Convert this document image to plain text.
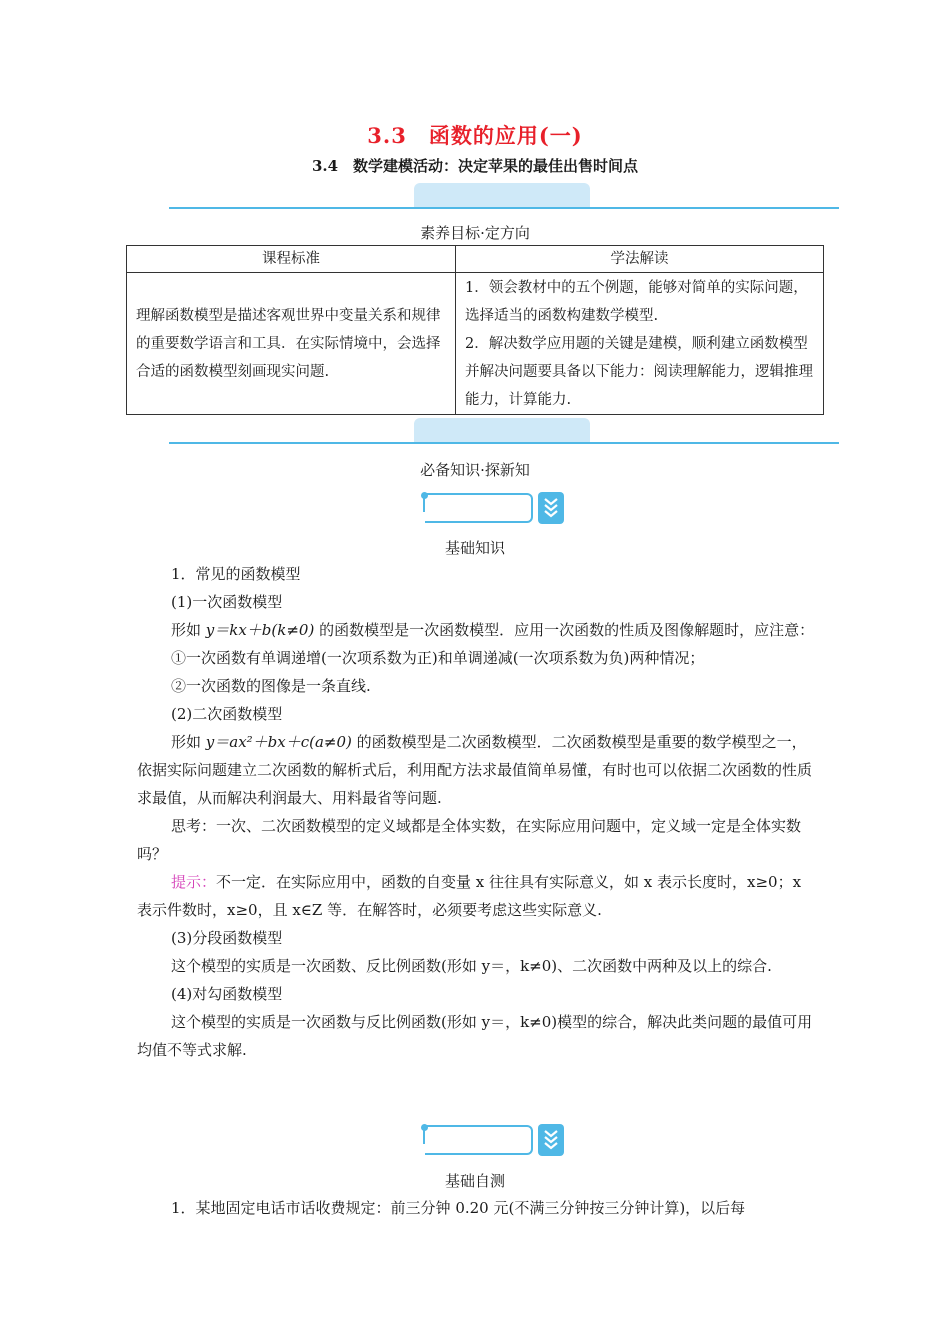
3.3　函数的应用(一)
3.4　数学建模活动：决定苹果的最佳出售时间点
素养目标·定方向
课程标准	学法解读
理解函数模型是描述客观世界中变量关系和规律的重要数学语言和工具．在实际情境中，会选择合适的函数模型刻画现实问题.	1．领会教材中的五个例题，能够对简单的实际问题，选择适当的函数构建数学模型.
2．解决数学应用题的关键是建模，顺利建立函数模型并解决问题要具备以下能力：阅读理解能力，逻辑推理能力，计算能力.
必备知识·探新知
基础知识
1．常见的函数模型
(1)一次函数模型
形如 y＝kx＋b(k≠0) 的函数模型是一次函数模型．应用一次函数的性质及图像解题时，应注意：
①一次函数有单调递增(一次项系数为正)和单调递减(一次项系数为负)两种情况；
②一次函数的图像是一条直线.
(2)二次函数模型
形如 y＝ax²＋bx＋c(a≠0) 的函数模型是二次函数模型．二次函数模型是重要的数学模型之一，依据实际问题建立二次函数的解析式后，利用配方法求最值简单易懂，有时也可以依据二次函数的性质求最值，从而解决利润最大、用料最省等问题.
思考：一次、二次函数模型的定义域都是全体实数，在实际应用问题中，定义域一定是全体实数吗？
提示：不一定．在实际应用中，函数的自变量 x 往往具有实际意义，如 x 表示长度时，x≥0；x 表示件数时，x≥0，且 x∈Z 等．在解答时，必须要考虑这些实际意义.
(3)分段函数模型
这个模型的实质是一次函数、反比例函数(形如 y＝，k≠0)、二次函数中两种及以上的综合.
(4)对勾函数模型
这个模型的实质是一次函数与反比例函数(形如 y＝，k≠0)模型的综合，解决此类问题的最值可用均值不等式求解.
基础自测
1．某地固定电话市话收费规定：前三分钟 0.20 元(不满三分钟按三分钟计算)，以后每
